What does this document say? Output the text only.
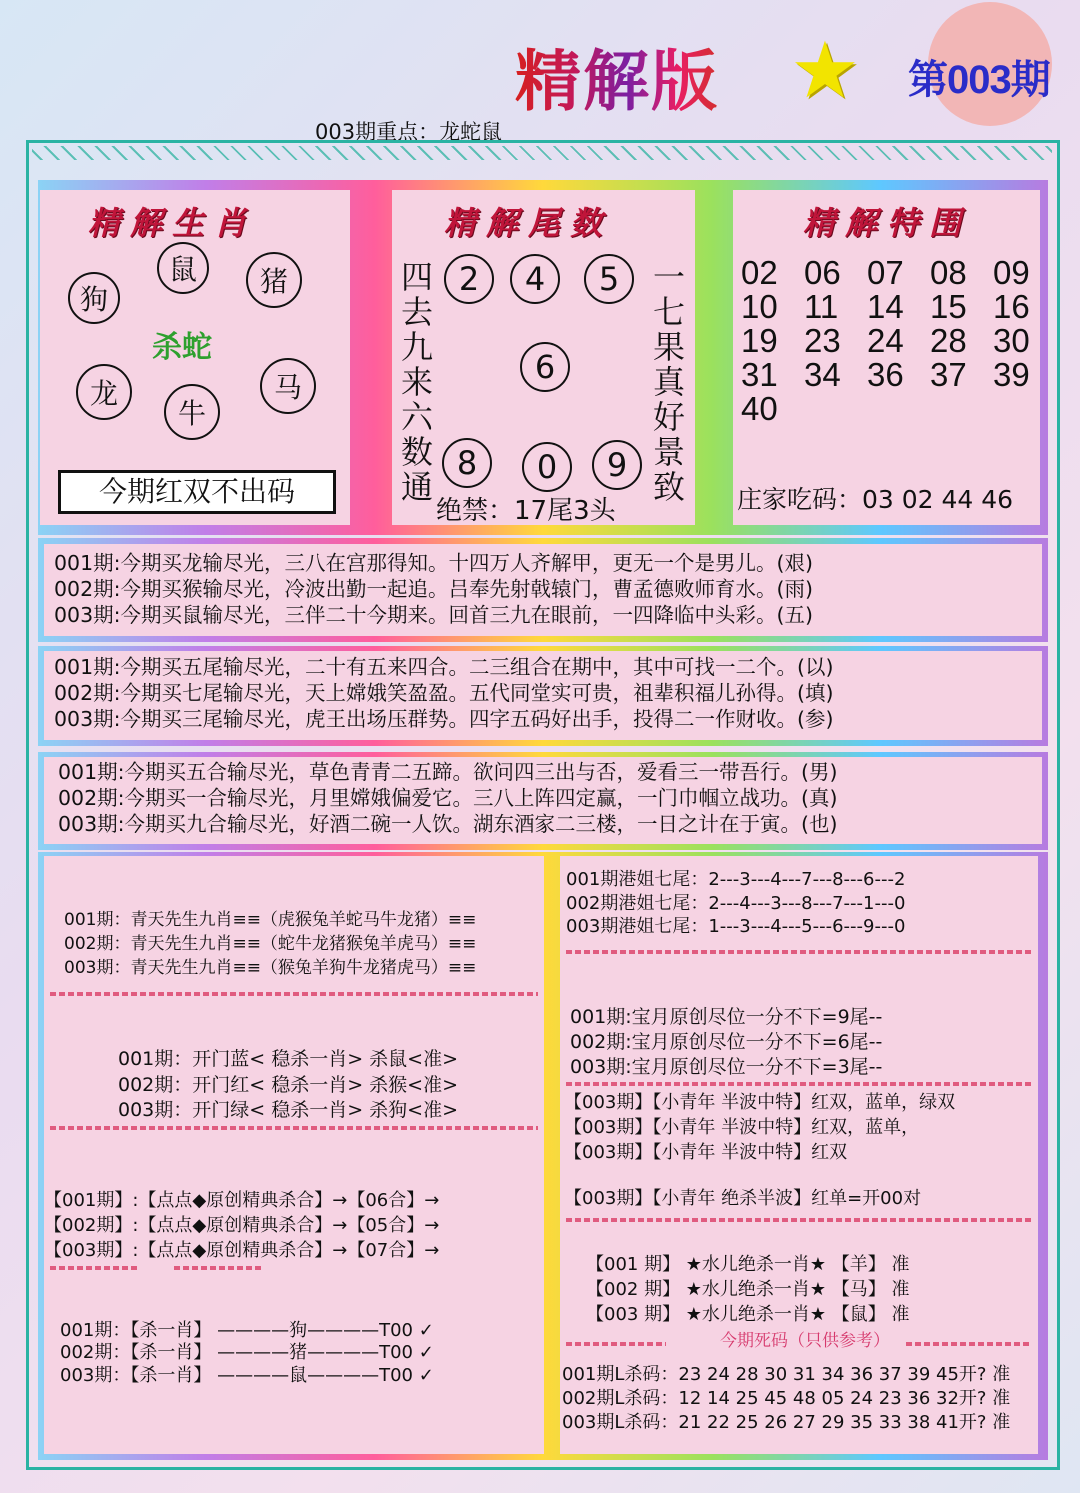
精解版 ★ 第003期
003期重点：龙蛇鼠
精解生肖
狗
鼠	猪
龙
牛
马
杀蛇
今期红双不出码
精解尾数
四去九来六数通
一七果真好景致
2	4	5
6
8	0	9
绝禁：17尾3头
精解特围
02 06 07 08 09
10 11 14 15 16
19 23 24 28 30
31 34 36 37 39
40
庄家吃码：03 02 44 46
001期:今期买龙输尽光，三八在宫那得知。十四万人齐解甲，更无一个是男儿。(艰)
002期:今期买猴输尽光，冷波出勤一起追。吕奉先射戟辕门，曹孟德败师育水。(雨)
003期:今期买鼠输尽光，三伴二十今期来。回首三九在眼前，一四降临中头彩。(五)
001期:今期买五尾输尽光，二十有五来四合。二三组合在期中，其中可找一二个。(以)
002期:今期买七尾输尽光，天上嫦娥笑盈盈。五代同堂实可贵，祖辈积福儿孙得。(填)
003期:今期买三尾输尽光，虎王出场压群势。四字五码好出手，投得二一作财收。(参)
001期:今期买五合输尽光，草色青青二五蹄。欲问四三出与否，爱看三一带吾行。(男)
002期:今期买一合输尽光，月里嫦娥偏爱它。三八上阵四定赢，一门巾帼立战功。(真)
003期:今期买九合输尽光，好酒二碗一人饮。湖东酒家二三楼，一日之计在于寅。(也)
001期：青天先生九肖≡≡（虎猴兔羊蛇马牛龙猪）≡≡
002期：青天先生九肖≡≡（蛇牛龙猪猴兔羊虎马）≡≡
003期：青天先生九肖≡≡（猴兔羊狗牛龙猪虎马）≡≡
001期：开门蓝< 稳杀一肖> 杀鼠<准>
002期：开门红< 稳杀一肖> 杀猴<准>
003期：开门绿< 稳杀一肖> 杀狗<准>
【001期】:【点点◆原创精典杀合】→【06合】→
【002期】:【点点◆原创精典杀合】→【05合】→
【003期】:【点点◆原创精典杀合】→【07合】→
001期：【杀一肖】 ————狗————T00 ✓
002期：【杀一肖】 ————猪————T00 ✓
003期：【杀一肖】 ————鼠————T00 ✓
001期港姐七尾：2---3---4---7---8---6---2
002期港姐七尾：2---4---3---8---7---1---0
003期港姐七尾：1---3---4---5---6---9---0
001期:宝月原创尽位一分不下=9尾--
002期:宝月原创尽位一分不下=6尾--
003期:宝月原创尽位一分不下=3尾--
【003期】【小青年 半波中特】红双，蓝单，绿双
【003期】【小青年 半波中特】红双，蓝单，
【003期】【小青年 半波中特】红双
【003期】【小青年 绝杀半波】红单=开00对
【001 期】 ★水儿绝杀一肖★ 【羊】 准
【002 期】 ★水儿绝杀一肖★ 【马】 准
【003 期】 ★水儿绝杀一肖★ 【鼠】 准
今期死码（只供参考）
001期L杀码：23 24 28 30 31 34 36 37 39 45开? 准
002期L杀码：12 14 25 45 48 05 24 23 36 32开? 准
003期L杀码：21 22 25 26 27 29 35 33 38 41开? 准
